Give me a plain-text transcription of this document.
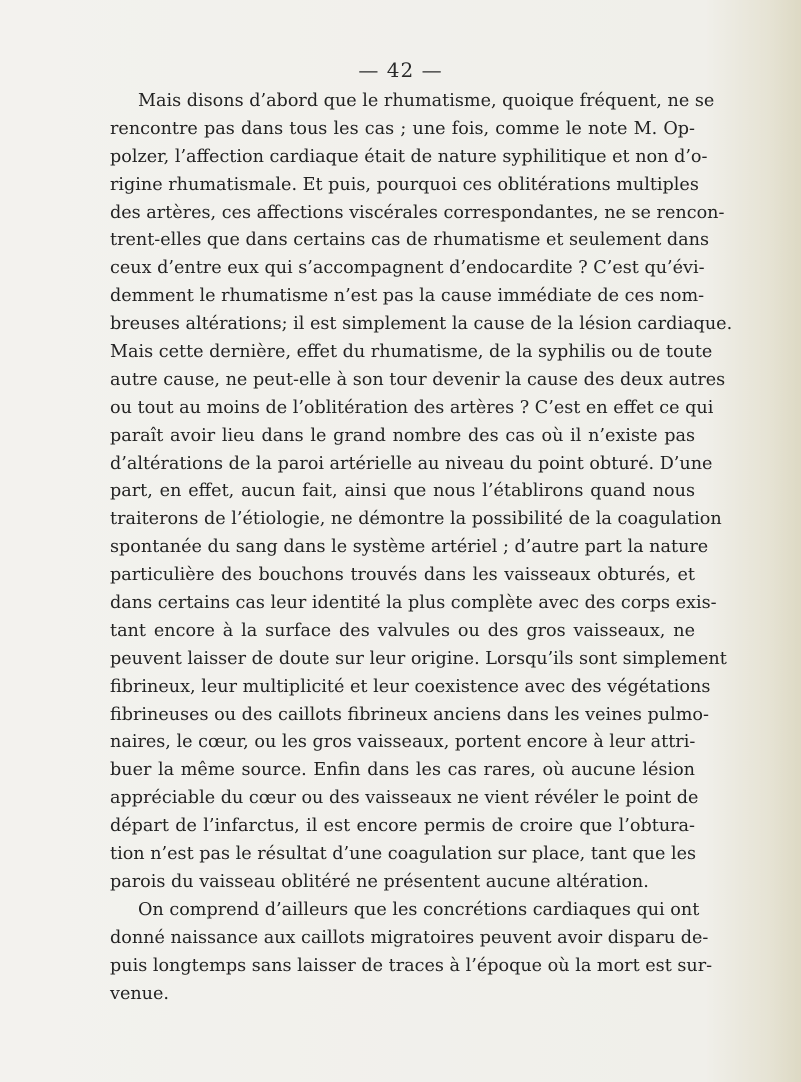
— 42 —
Mais disons d’abord que le rhumatisme, quoique fréquent, ne se
rencontre pas dans tous les cas ; une fois, comme le note M. Op-
polzer, l’affection cardiaque était de nature syphilitique et non d’o-
rigine rhumatismale. Et puis, pourquoi ces oblitérations multiples
des artères, ces affections viscérales correspondantes, ne se rencon-
trent-elles que dans certains cas de rhumatisme et seulement dans
ceux d’entre eux qui s’accompagnent d’endocardite ? C’est qu’évi-
demment le rhumatisme n’est pas la cause immédiate de ces nom-
breuses altérations; il est simplement la cause de la lésion cardiaque.
Mais cette dernière, effet du rhumatisme, de la syphilis ou de toute
autre cause, ne peut-elle à son tour devenir la cause des deux autres
ou tout au moins de l’oblitération des artères ? C’est en effet ce qui
paraît avoir lieu dans le grand nombre des cas où il n’existe pas
d’altérations de la paroi artérielle au niveau du point obturé. D’une
part, en effet, aucun fait, ainsi que nous l’établirons quand nous
traiterons de l’étiologie, ne démontre la possibilité de la coagulation
spontanée du sang dans le système artériel ; d’autre part la nature
particulière des bouchons trouvés dans les vaisseaux obturés, et
dans certains cas leur identité la plus complète avec des corps exis-
tant encore à la surface des valvules ou des gros vaisseaux, ne
peuvent laisser de doute sur leur origine. Lorsqu’ils sont simplement
fibrineux, leur multiplicité et leur coexistence avec des végétations
fibrineuses ou des caillots fibrineux anciens dans les veines pulmo-
naires, le cœur, ou les gros vaisseaux, portent encore à leur attri-
buer la même source. Enfin dans les cas rares, où aucune lésion
appréciable du cœur ou des vaisseaux ne vient révéler le point de
départ de l’infarctus, il est encore permis de croire que l’obtura-
tion n’est pas le résultat d’une coagulation sur place, tant que les
parois du vaisseau oblitéré ne présentent aucune altération.
On comprend d’ailleurs que les concrétions cardiaques qui ont
donné naissance aux caillots migratoires peuvent avoir disparu de-
puis longtemps sans laisser de traces à l’époque où la mort est sur-
venue.
